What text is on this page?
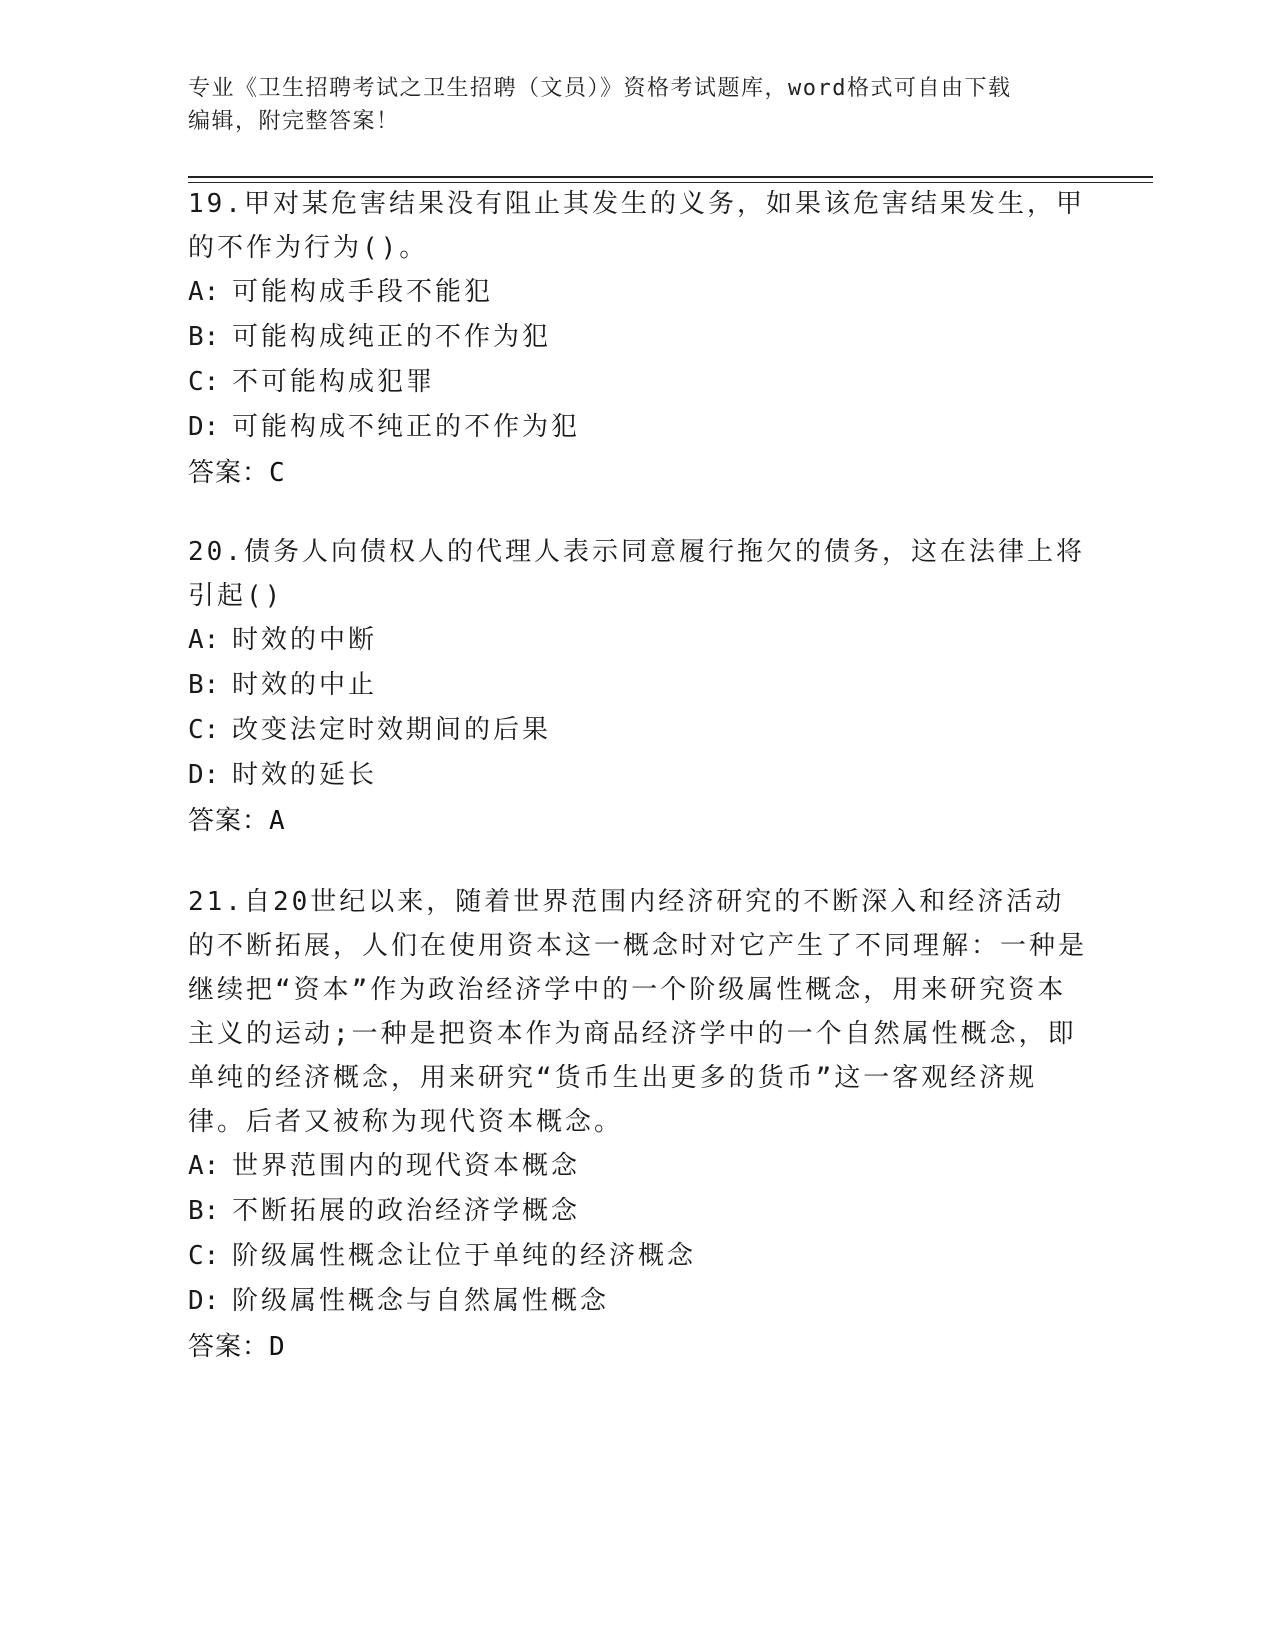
专业《卫生招聘考试之卫生招聘（文员）》资格考试题库，word格式可自由下载
编辑，附完整答案！

19.甲对某危害结果没有阻止其发生的义务，如果该危害结果发生，甲的不作为行为()。

A: 可能构成手段不能犯

B: 可能构成纯正的不作为犯

C: 不可能构成犯罪

D: 可能构成不纯正的不作为犯

答案：C

20.债务人向债权人的代理人表示同意履行拖欠的债务，这在法律上将引起()

A: 时效的中断

B: 时效的中止

C: 改变法定时效期间的后果

D: 时效的延长

答案：A

21.自20世纪以来，随着世界范围内经济研究的不断深入和经济活动的不断拓展，人们在使用资本这一概念时对它产生了不同理解：一种是继续把“资本”作为政治经济学中的一个阶级属性概念，用来研究资本主义的运动;一种是把资本作为商品经济学中的一个自然属性概念，即单纯的经济概念，用来研究“货币生出更多的货币”这一客观经济规律。后者又被称为现代资本概念。

A: 世界范围内的现代资本概念

B: 不断拓展的政治经济学概念

C: 阶级属性概念让位于单纯的经济概念

D: 阶级属性概念与自然属性概念

答案：D
